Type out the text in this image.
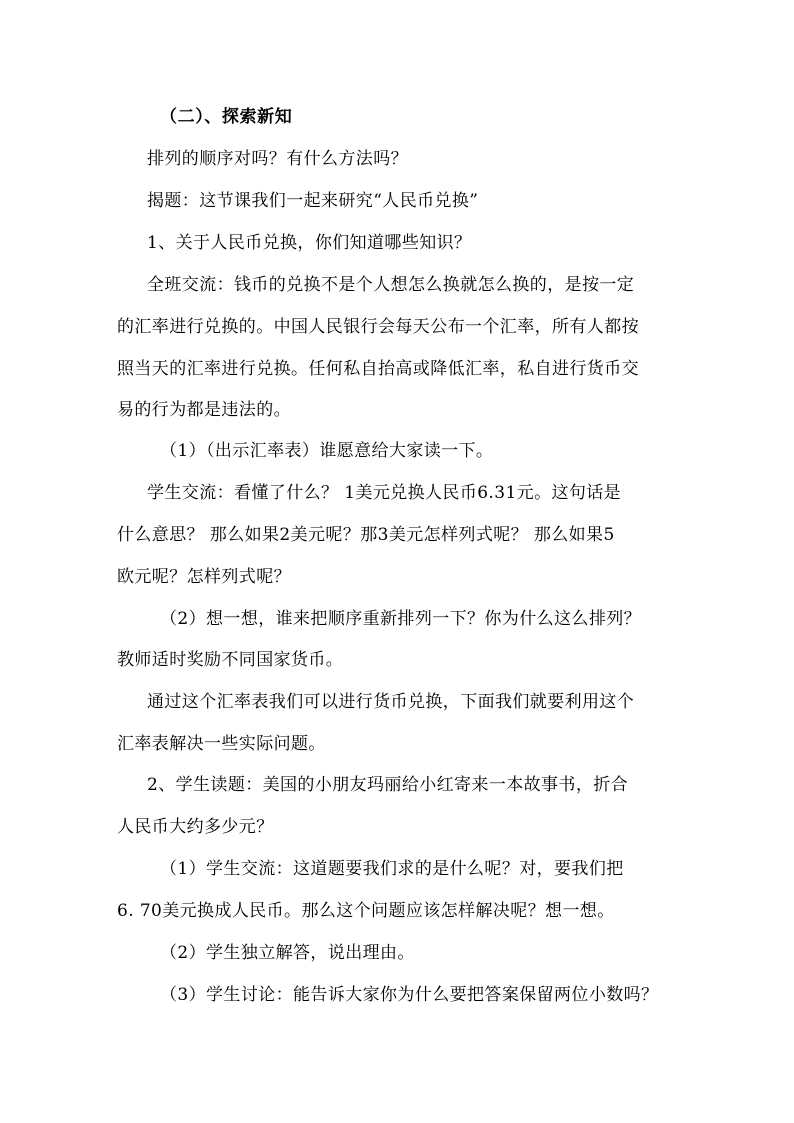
（二）、探索新知
排列的顺序对吗？有什么方法吗？
揭题：这节课我们一起来研究“人民币兑换”
1、关于人民币兑换，你们知道哪些知识？
全班交流：钱币的兑换不是个人想怎么换就怎么换的，是按一定
的汇率进行兑换的。中国人民银行会每天公布一个汇率，所有人都按
照当天的汇率进行兑换。任何私自抬高或降低汇率，私自进行货币交
易的行为都是违法的。
（1）（出示汇率表）谁愿意给大家读一下。
学生交流：看懂了什么？ 1美元兑换人民币6.31元。这句话是
什么意思？ 那么如果2美元呢？那3美元怎样列式呢？ 那么如果5
欧元呢？怎样列式呢？
（2）想一想，谁来把顺序重新排列一下？你为什么这么排列？
教师适时奖励不同国家货币。
通过这个汇率表我们可以进行货币兑换，下面我们就要利用这个
汇率表解决一些实际问题。
2、学生读题：美国的小朋友玛丽给小红寄来一本故事书，折合
人民币大约多少元？
（1）学生交流：这道题要我们求的是什么呢？对，要我们把
6. 70美元换成人民币。那么这个问题应该怎样解决呢？想一想。
（2）学生独立解答，说出理由。
（3）学生讨论：能告诉大家你为什么要把答案保留两位小数吗？
